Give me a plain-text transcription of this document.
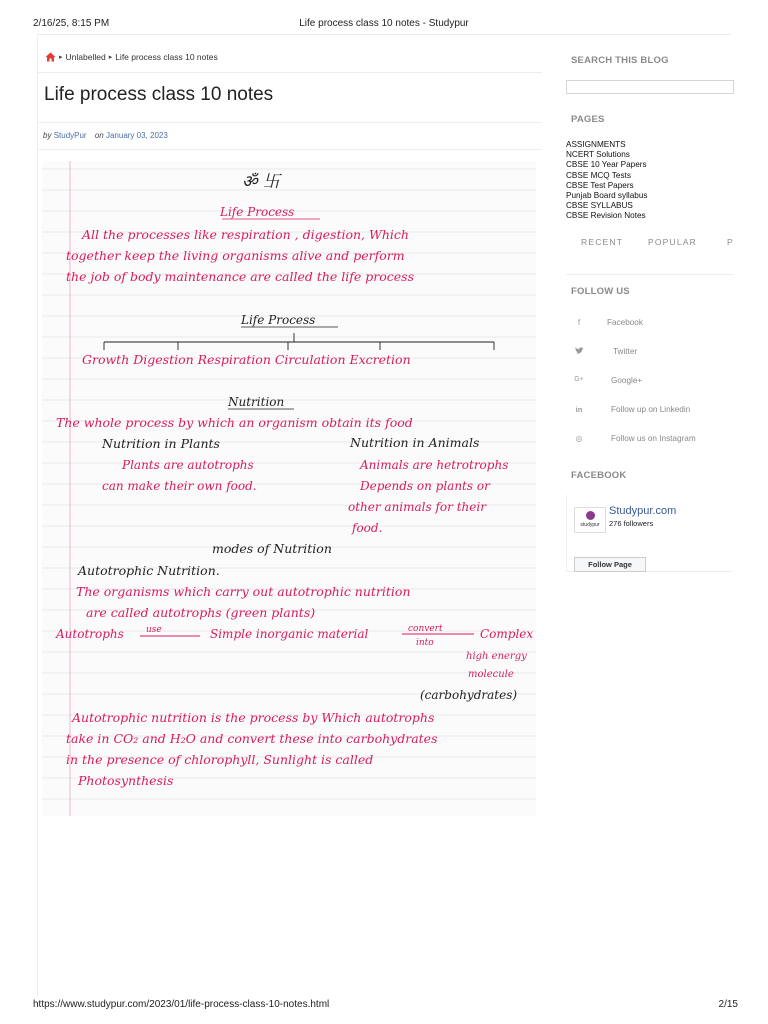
2/16/25, 8:15 PM	Life process class 10 notes - Studypur
▸ Unlabelled ▸ Life process class 10 notes
Life process class 10 notes
by StudyPur on January 03, 2023
ॐ 卐
Life Process
All the processes like respiration , digestion, Which
together keep the living organisms alive and perform
the job of body maintenance are called the life process
Life Process
Growth Digestion Respiration Circulation Excretion
Nutrition
The whole process by which an organism obtain its food
Nutrition in Plants	Nutrition in Animals
Plants are autotrophs
can make their own food.
Animals are hetrotrophs
Depends on plants or
other animals for their
food.
modes of Nutrition
Autotrophic Nutrition.
The organisms which carry out autotrophic nutrition
are called autotrophs (green plants)
Autotrophs use	Simple inorganic material	convert
into
Complex
high energy
molecule
(carbohydrates)
Autotrophic nutrition is the process by Which autotrophs
take in CO₂ and H₂O and convert these into carbohydrates
in the presence of chlorophyll, Sunlight is called
Photosynthesis
SEARCH THIS BLOG
PAGES
ASSIGNMENTS
NCERT Solutions
CBSE 10 Year Papers
CBSE MCQ Tests
CBSE Test Papers
Punjab Board syllabus
CBSE SYLLABUS
CBSE Revision Notes
RECENT	POPULAR	P
FOLLOW US
f	Facebook
Twitter
G+	Google+
in	Follow up on Linkedin
◎	Follow us on Instagram
FACEBOOK
studypur
Studypur.com
276 followers
Follow Page
https://www.studypur.com/2023/01/life-process-class-10-notes.html	2/15
